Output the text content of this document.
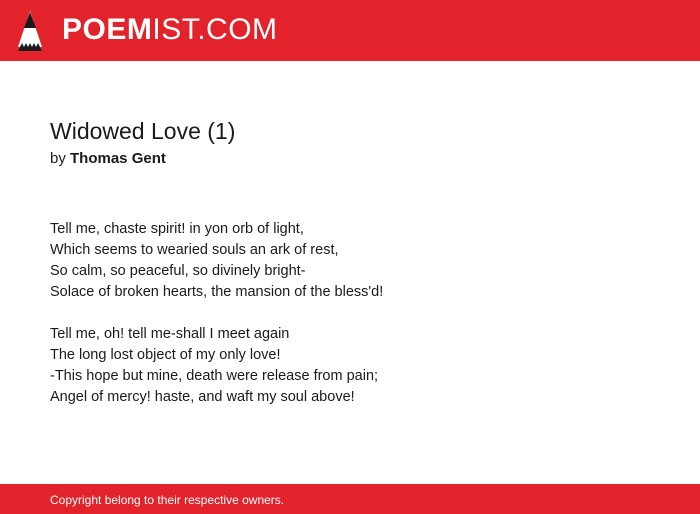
POEMIST.COM
Widowed Love (1)
by Thomas Gent

Tell me, chaste spirit! in yon orb of light,
Which seems to wearied souls an ark of rest,
So calm, so peaceful, so divinely bright-
Solace of broken hearts, the mansion of the bless'd!

Tell me, oh! tell me-shall I meet again
The long lost object of my only love!
-This hope but mine, death were release from pain;
Angel of mercy! haste, and waft my soul above!

Copyright belong to their respective owners.
